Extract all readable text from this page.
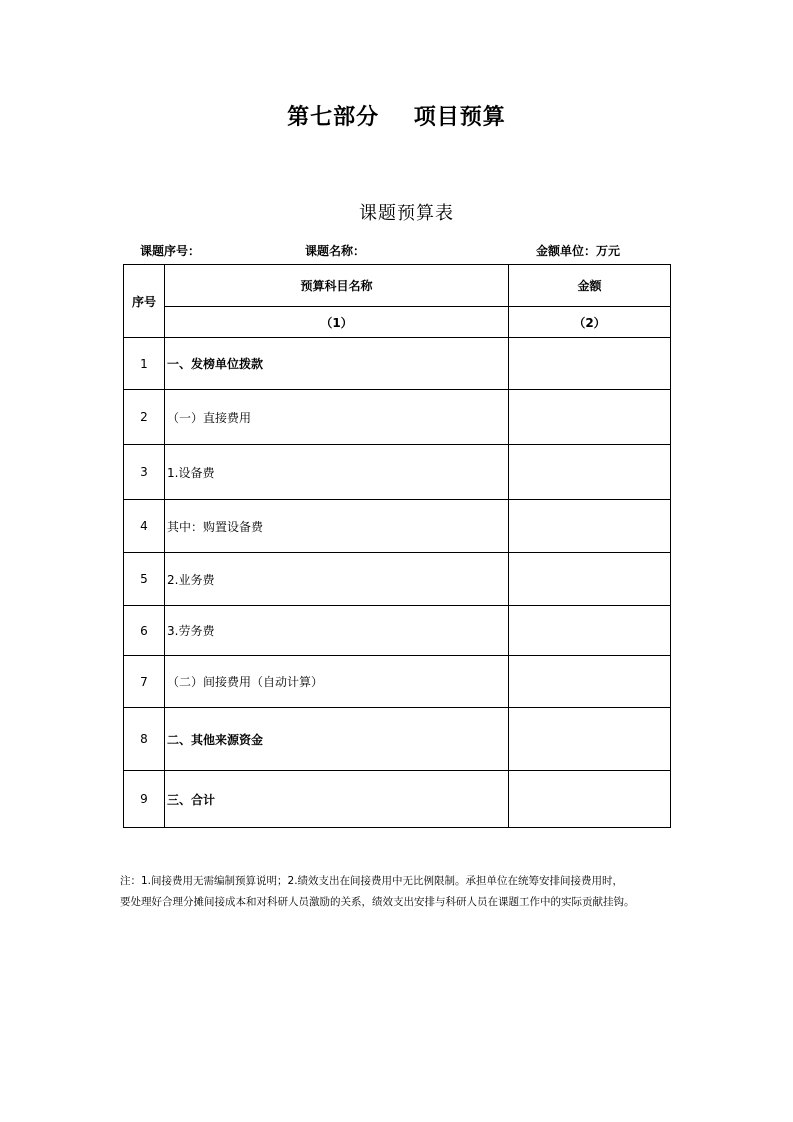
第七部分    项目预算
课题预算表
课题序号：	课题名称：	金额单位：万元
序号	预算科目名称	金额
	（1）	（2）
1	一、发榜单位拨款	
2	（一）直接费用	
3	1.设备费	
4	其中：购置设备费	
5	2.业务费	
6	3.劳务费	
7	（二）间接费用（自动计算）	
8	二、其他来源资金	
9	三、合计	
注：1.间接费用无需编制预算说明；2.绩效支出在间接费用中无比例限制。承担单位在统筹安排间接费用时，
要处理好合理分摊间接成本和对科研人员激励的关系，绩效支出安排与科研人员在课题工作中的实际贡献挂钩。
